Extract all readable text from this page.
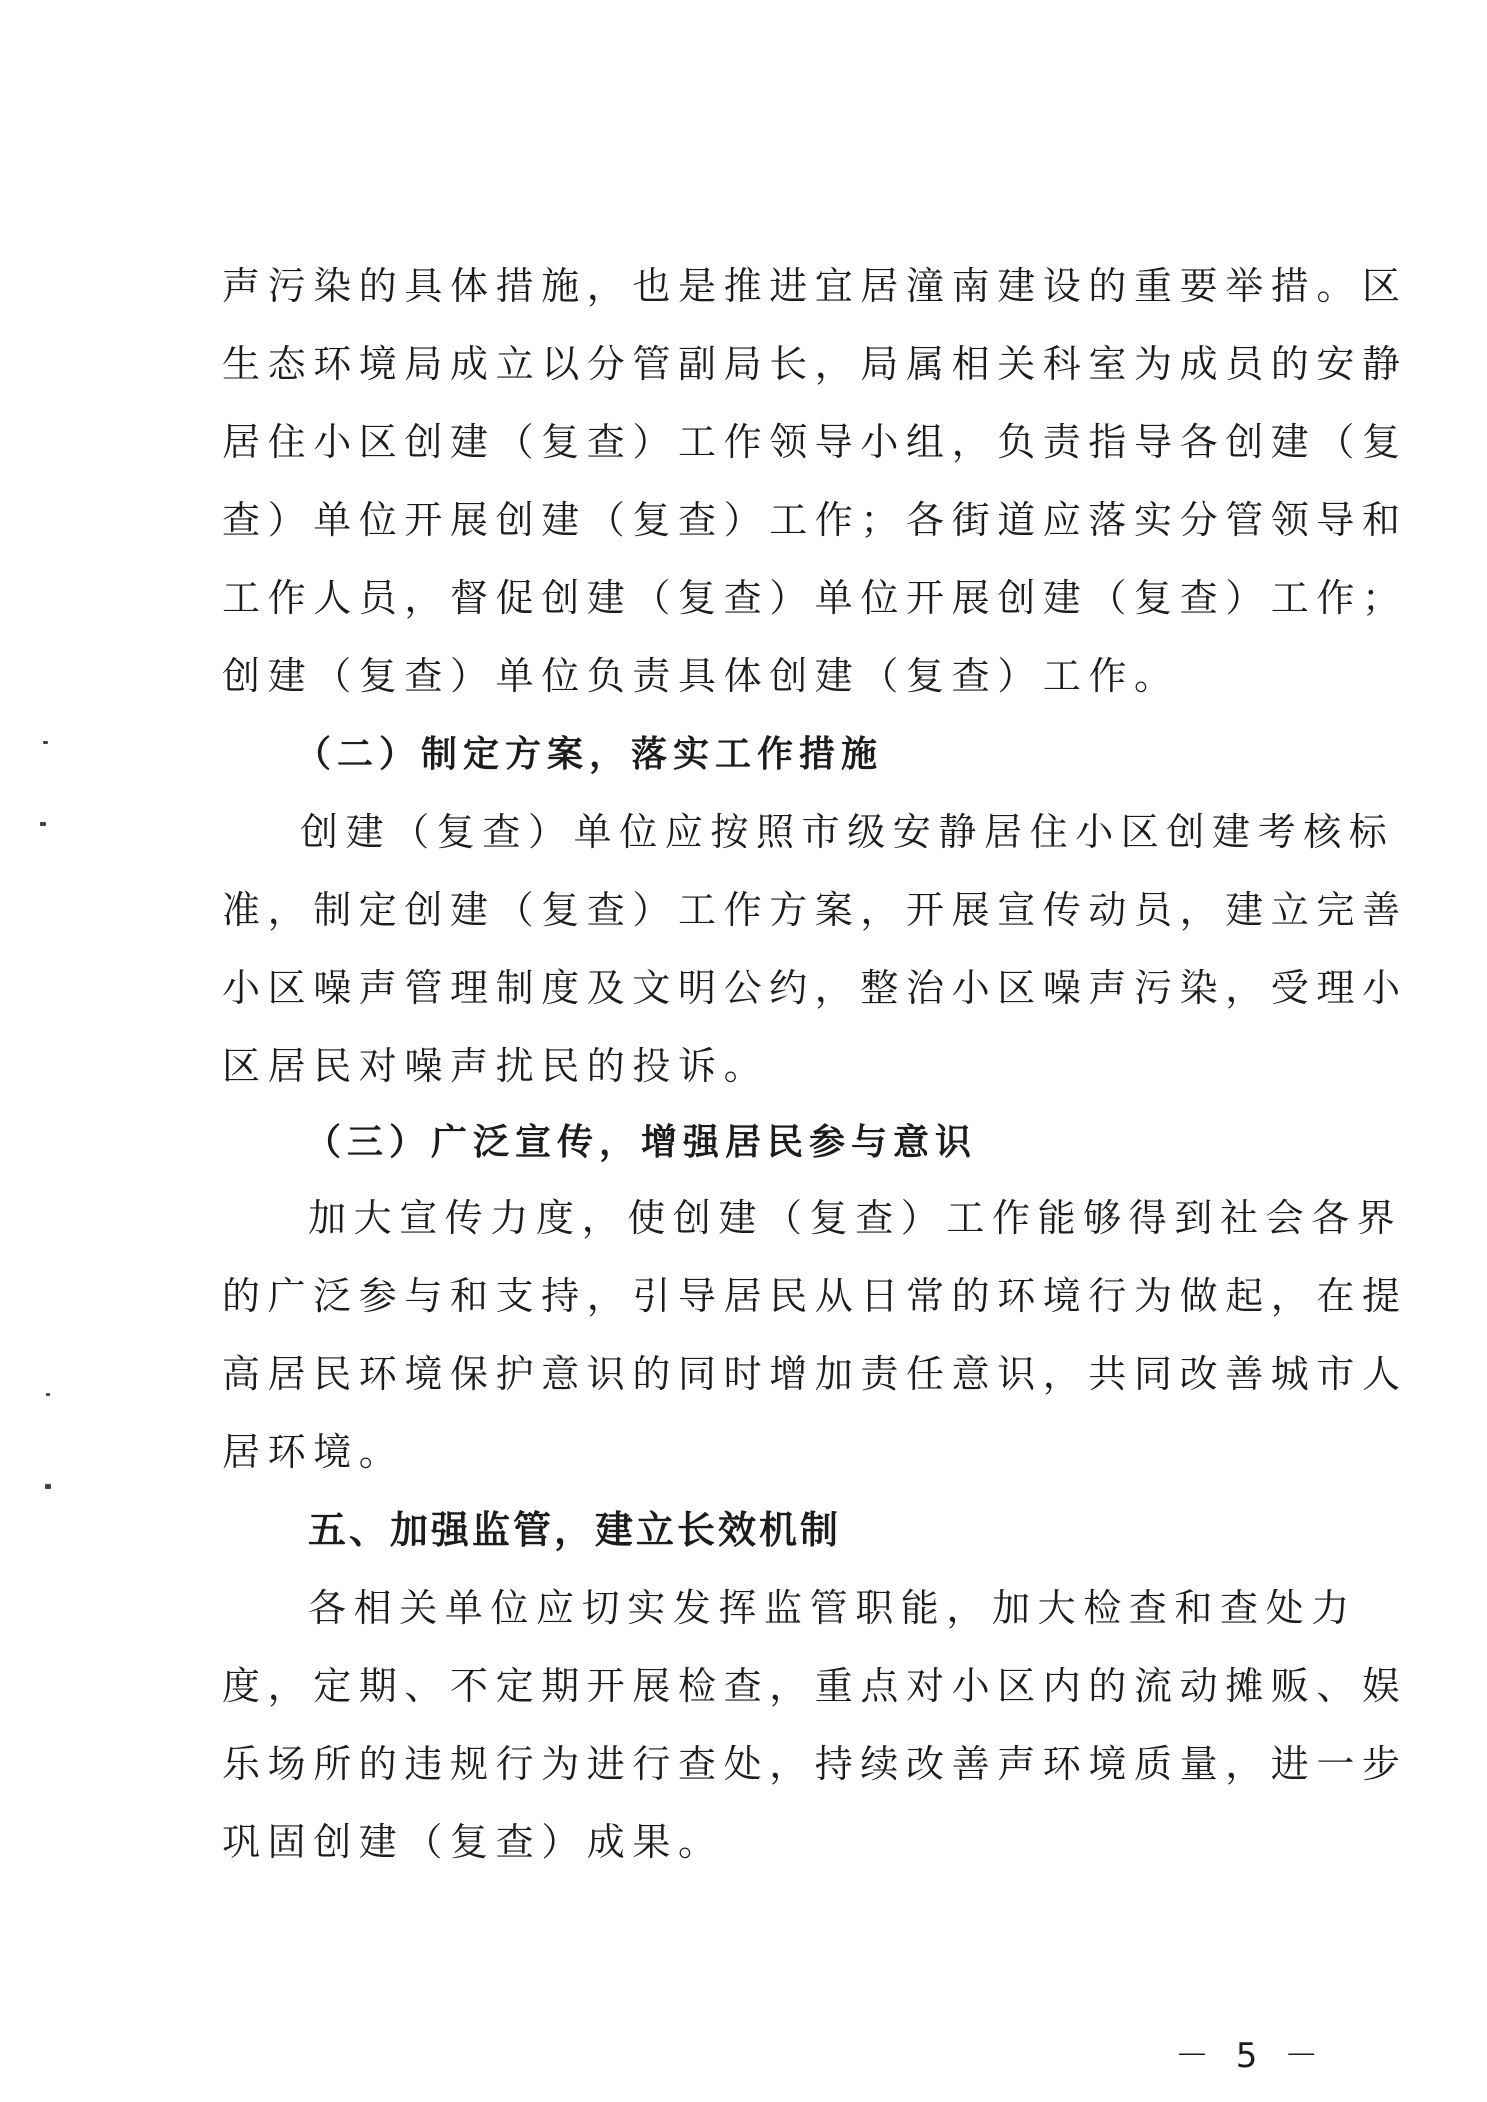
声污染的具体措施，也是推进宜居潼南建设的重要举措。区
生态环境局成立以分管副局长，局属相关科室为成员的安静
居住小区创建（复查）工作领导小组，负责指导各创建（复
查）单位开展创建（复查）工作；各街道应落实分管领导和
工作人员，督促创建（复查）单位开展创建（复查）工作；
创建（复查）单位负责具体创建（复查）工作。
（二）制定方案，落实工作措施
创建（复查）单位应按照市级安静居住小区创建考核标
准，制定创建（复查）工作方案，开展宣传动员，建立完善
小区噪声管理制度及文明公约，整治小区噪声污染，受理小
区居民对噪声扰民的投诉。
（三）广泛宣传，增强居民参与意识
加大宣传力度，使创建（复查）工作能够得到社会各界
的广泛参与和支持，引导居民从日常的环境行为做起，在提
高居民环境保护意识的同时增加责任意识，共同改善城市人
居环境。
五、加强监管，建立长效机制
各相关单位应切实发挥监管职能，加大检查和查处力
度，定期、不定期开展检查，重点对小区内的流动摊贩、娱
乐场所的违规行为进行查处，持续改善声环境质量，进一步
巩固创建（复查）成果。
－ 5 －
